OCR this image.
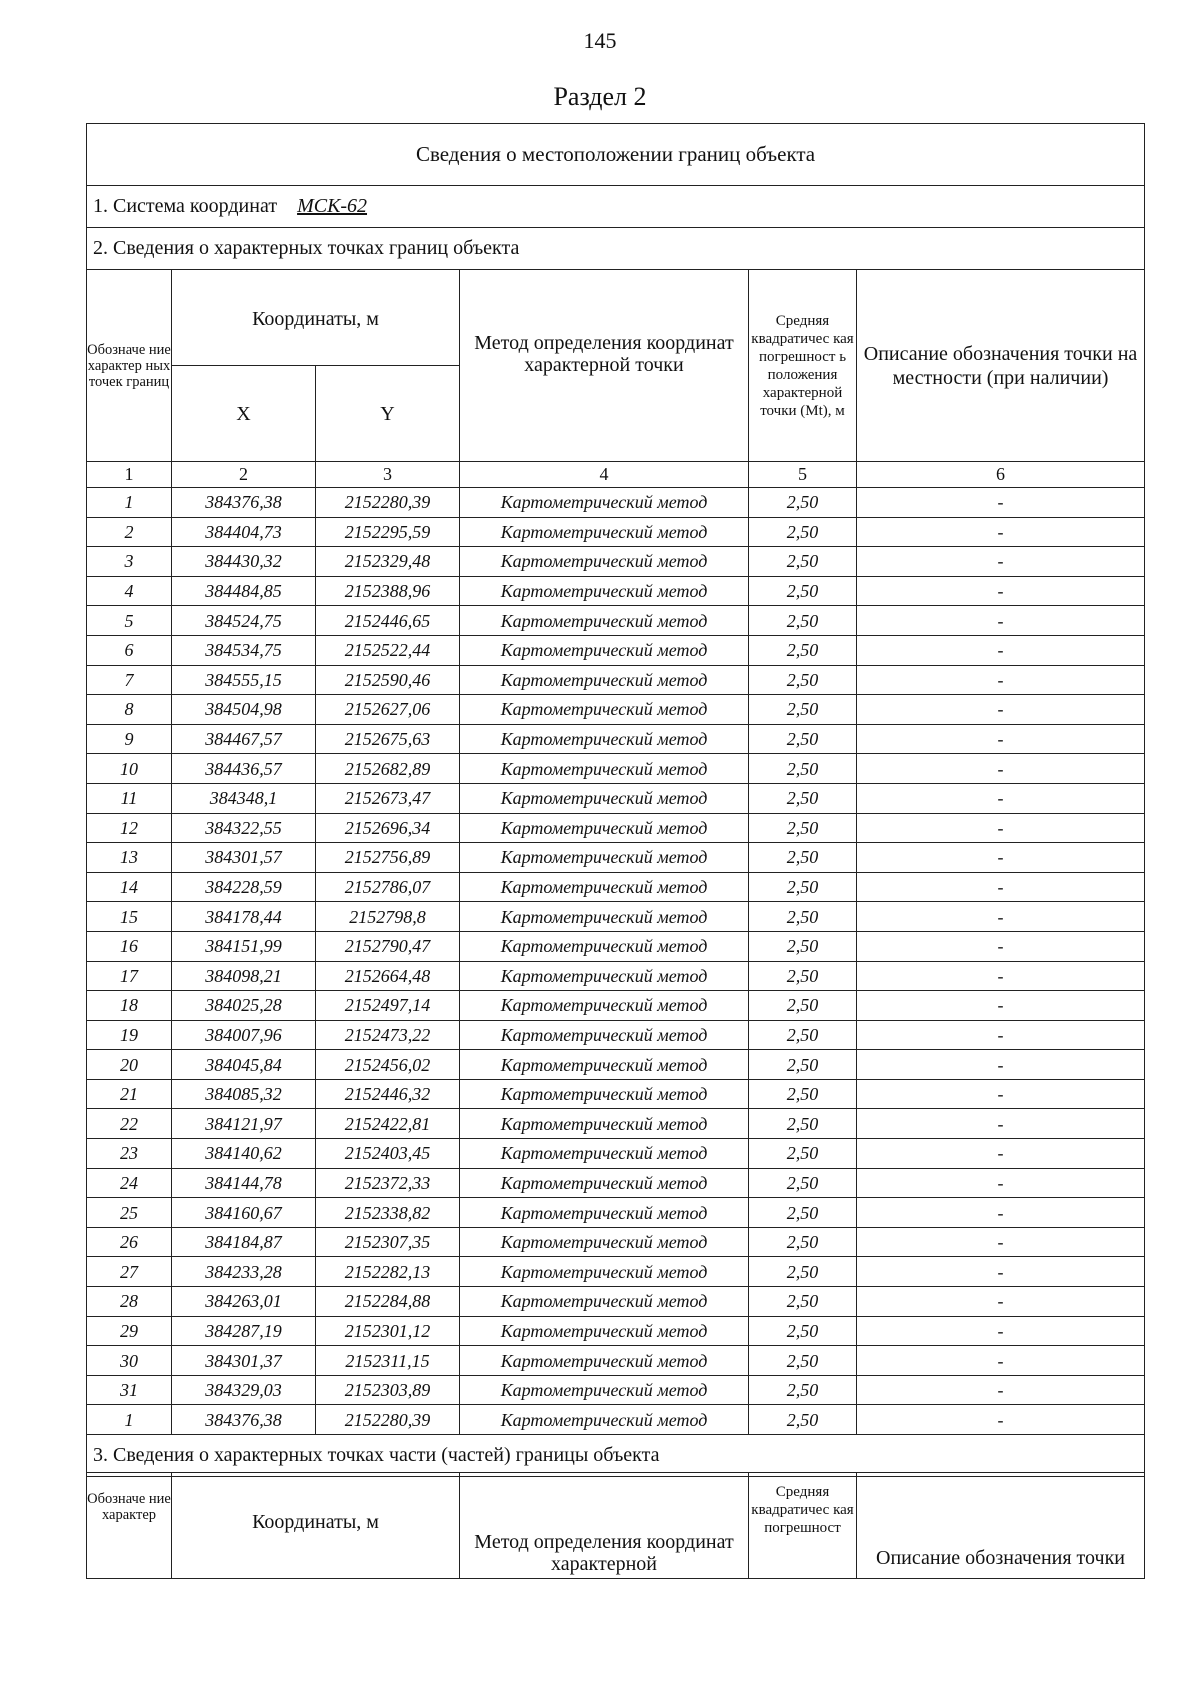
145
Раздел 2
Сведения о местоположении границ объекта					
1. Система координат МСК-62					
2. Сведения о характерных точках границ объекта					
Обозначе ние характер ных точек границ	Координаты, м		Метод определения координат характерной точки	Средняя квадратичес кая погрешност ь положения характерной точки (Mt), м	Описание обозначения точки на местности (при наличии)
	X	Y			
1	2	3	4	5	6
1	384376,38	2152280,39	Картометрический метод	2,50	-
2	384404,73	2152295,59	Картометрический метод	2,50	-
3	384430,32	2152329,48	Картометрический метод	2,50	-
4	384484,85	2152388,96	Картометрический метод	2,50	-
5	384524,75	2152446,65	Картометрический метод	2,50	-
6	384534,75	2152522,44	Картометрический метод	2,50	-
7	384555,15	2152590,46	Картометрический метод	2,50	-
8	384504,98	2152627,06	Картометрический метод	2,50	-
9	384467,57	2152675,63	Картометрический метод	2,50	-
10	384436,57	2152682,89	Картометрический метод	2,50	-
11	384348,1	2152673,47	Картометрический метод	2,50	-
12	384322,55	2152696,34	Картометрический метод	2,50	-
13	384301,57	2152756,89	Картометрический метод	2,50	-
14	384228,59	2152786,07	Картометрический метод	2,50	-
15	384178,44	2152798,8	Картометрический метод	2,50	-
16	384151,99	2152790,47	Картометрический метод	2,50	-
17	384098,21	2152664,48	Картометрический метод	2,50	-
18	384025,28	2152497,14	Картометрический метод	2,50	-
19	384007,96	2152473,22	Картометрический метод	2,50	-
20	384045,84	2152456,02	Картометрический метод	2,50	-
21	384085,32	2152446,32	Картометрический метод	2,50	-
22	384121,97	2152422,81	Картометрический метод	2,50	-
23	384140,62	2152403,45	Картометрический метод	2,50	-
24	384144,78	2152372,33	Картометрический метод	2,50	-
25	384160,67	2152338,82	Картометрический метод	2,50	-
26	384184,87	2152307,35	Картометрический метод	2,50	-
27	384233,28	2152282,13	Картометрический метод	2,50	-
28	384263,01	2152284,88	Картометрический метод	2,50	-
29	384287,19	2152301,12	Картометрический метод	2,50	-
30	384301,37	2152311,15	Картометрический метод	2,50	-
31	384329,03	2152303,89	Картометрический метод	2,50	-
1	384376,38	2152280,39	Картометрический метод	2,50	-
3. Сведения о характерных точках части (частей) границы объекта					
Обозначе ние характер	Координаты, м	Метод определения координат характерной	Средняя квадратичес кая погрешност	Описание обозначения точки
